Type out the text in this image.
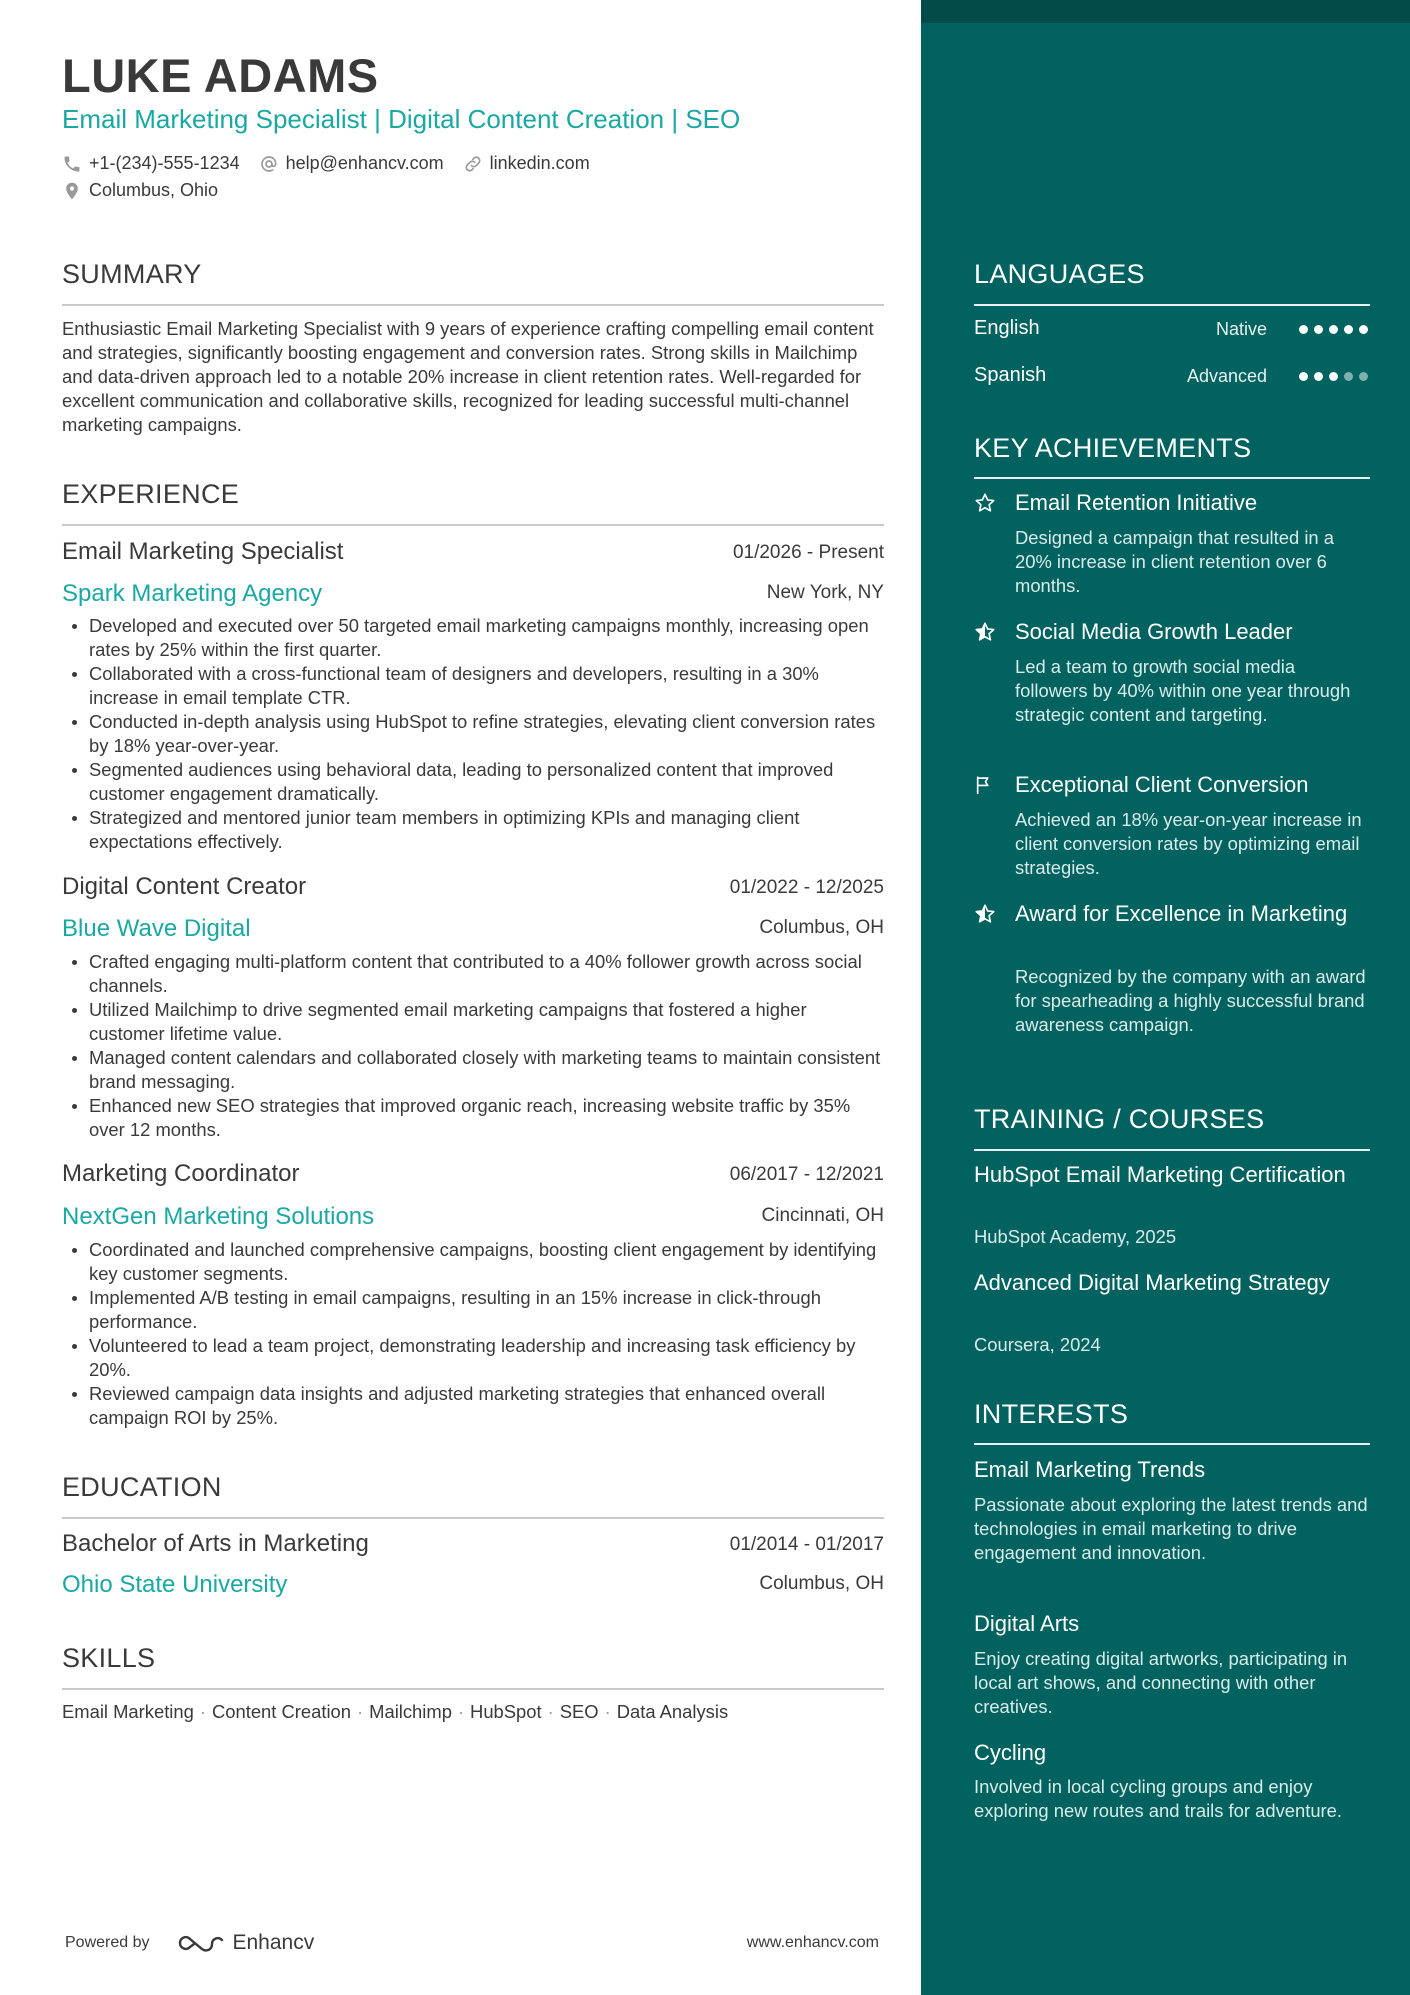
LUKE ADAMS
Email Marketing Specialist | Digital Content Creation | SEO
+1-(234)-555-1234	help@enhancv.com	linkedin.com
Columbus, Ohio
SUMMARY
Enthusiastic Email Marketing Specialist with 9 years of experience crafting compelling email content and strategies, significantly boosting engagement and conversion rates. Strong skills in Mailchimp and data-driven approach led to a notable 20% increase in client retention rates. Well-regarded for excellent communication and collaborative skills, recognized for leading successful multi-channel marketing campaigns.
EXPERIENCE
Email Marketing Specialist	01/2026 - Present
Spark Marketing Agency	New York, NY
Developed and executed over 50 targeted email marketing campaigns monthly, increasing open rates by 25% within the first quarter.
Collaborated with a cross-functional team of designers and developers, resulting in a 30% increase in email template CTR.
Conducted in-depth analysis using HubSpot to refine strategies, elevating client conversion rates by 18% year-over-year.
Segmented audiences using behavioral data, leading to personalized content that improved customer engagement dramatically.
Strategized and mentored junior team members in optimizing KPIs and managing client expectations effectively.
Digital Content Creator	01/2022 - 12/2025
Blue Wave Digital	Columbus, OH
Crafted engaging multi-platform content that contributed to a 40% follower growth across social channels.
Utilized Mailchimp to drive segmented email marketing campaigns that fostered a higher customer lifetime value.
Managed content calendars and collaborated closely with marketing teams to maintain consistent brand messaging.
Enhanced new SEO strategies that improved organic reach, increasing website traffic by 35% over 12 months.
Marketing Coordinator	06/2017 - 12/2021
NextGen Marketing Solutions	Cincinnati, OH
Coordinated and launched comprehensive campaigns, boosting client engagement by identifying key customer segments.
Implemented A/B testing in email campaigns, resulting in an 15% increase in click-through performance.
Volunteered to lead a team project, demonstrating leadership and increasing task efficiency by 20%.
Reviewed campaign data insights and adjusted marketing strategies that enhanced overall campaign ROI by 25%.
EDUCATION
Bachelor of Arts in Marketing	01/2014 - 01/2017
Ohio State University	Columbus, OH
SKILLS
Email Marketing · Content Creation · Mailchimp · HubSpot · SEO · Data Analysis
Powered by	Enhancv	www.enhancv.com
LANGUAGES
English	Native
Spanish	Advanced
KEY ACHIEVEMENTS
Email Retention Initiative
Designed a campaign that resulted in a 20% increase in client retention over 6 months.
Social Media Growth Leader
Led a team to growth social media followers by 40% within one year through strategic content and targeting.
Exceptional Client Conversion
Achieved an 18% year-on-year increase in client conversion rates by optimizing email strategies.
Award for Excellence in Marketing
Recognized by the company with an award for spearheading a highly successful brand awareness campaign.
TRAINING / COURSES
HubSpot Email Marketing Certification
HubSpot Academy, 2025
Advanced Digital Marketing Strategy
Coursera, 2024
INTERESTS
Email Marketing Trends
Passionate about exploring the latest trends and technologies in email marketing to drive engagement and innovation.
Digital Arts
Enjoy creating digital artworks, participating in local art shows, and connecting with other creatives.
Cycling
Involved in local cycling groups and enjoy exploring new routes and trails for adventure.
